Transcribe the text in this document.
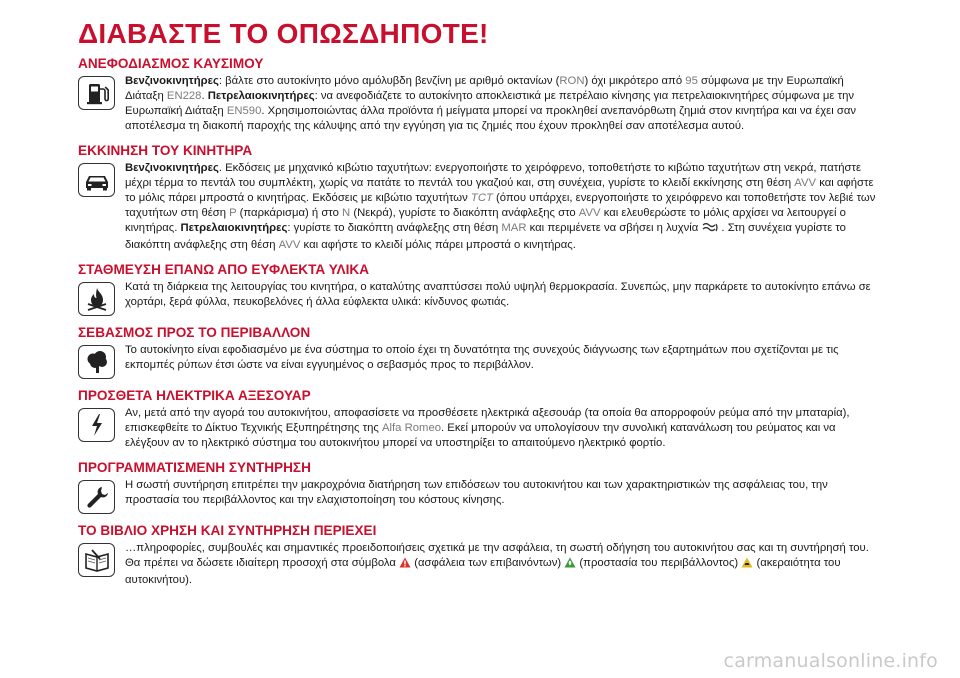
ΔΙΑΒΑΣΤΕ ΤΟ ΟΠΩΣΔΗΠΟΤΕ!
ΑΝΕΦΟΔΙΑΣΜΟΣ ΚΑΥΣΙΜΟΥ
Βενζινοκινητήρες: βάλτε στο αυτοκίνητο μόνο αμόλυβδη βενζίνη με αριθμό οκτανίων (RON) όχι μικρότερο από 95 σύμφωνα με την Ευρωπαϊκή Διάταξη EN228. Πετρελαιοκινητήρες: να ανεφοδιάζετε το αυτοκίνητο αποκλειστικά με πετρέλαιο κίνησης για πετρελαιοκινητήρες σύμφωνα με την Ευρωπαϊκή Διάταξη EN590. Χρησιμοποιώντας άλλα προϊόντα ή μείγματα μπορεί να προκληθεί ανεπανόρθωτη ζημιά στον κινητήρα και να έχει σαν αποτέλεσμα τη διακοπή παροχής της κάλυψης από την εγγύηση για τις ζημιές που έχουν προκληθεί σαν αποτέλεσμα αυτού.
ΕΚΚΙΝΗΣΗ ΤΟΥ ΚΙΝΗΤΗΡΑ
Βενζινοκινητήρες. Εκδόσεις με μηχανικό κιβώτιο ταχυτήτων: ενεργοποιήστε το χειρόφρενο, τοποθετήστε το κιβώτιο ταχυτήτων στη νεκρά, πατήστε μέχρι τέρμα το πεντάλ του συμπλέκτη, χωρίς να πατάτε το πεντάλ του γκαζιού και, στη συνέχεια, γυρίστε το κλειδί εκκίνησης στη θέση AVV και αφήστε το μόλις πάρει μπροστά ο κινητήρας. Εκδόσεις με κιβώτιο ταχυτήτων TCT (όπου υπάρχει, ενεργοποιήστε το χειρόφρενο και τοποθετήστε τον λεβιέ των ταχυτήτων στη θέση P (παρκάρισμα) ή στο N (Νεκρά), γυρίστε το διακόπτη ανάφλεξης στο AVV και ελευθερώστε το μόλις αρχίσει να λειτουργεί ο κινητήρας. Πετρελαιοκινητήρες: γυρίστε το διακόπτη ανάφλεξης στη θέση MAR και περιμένετε να σβήσει η λυχνία . Στη συνέχεια γυρίστε το διακόπτη ανάφλεξης στη θέση AVV και αφήστε το κλειδί μόλις πάρει μπροστά ο κινητήρας.
ΣΤΑΘΜΕΥΣΗ ΕΠΑΝΩ ΑΠΟ ΕΥΦΛΕΚΤΑ ΥΛΙΚΑ
Κατά τη διάρκεια της λειτουργίας του κινητήρα, ο καταλύτης αναπτύσσει πολύ υψηλή θερμοκρασία. Συνεπώς, μην παρκάρετε το αυτοκίνητο επάνω σε χορτάρι, ξερά φύλλα, πευκοβελόνες ή άλλα εύφλεκτα υλικά: κίνδυνος φωτιάς.
ΣΕΒΑΣΜΟΣ ΠΡΟΣ ΤΟ ΠΕΡΙΒΑΛΛΟΝ
Το αυτοκίνητο είναι εφοδιασμένο με ένα σύστημα το οποίο έχει τη δυνατότητα της συνεχούς διάγνωσης των εξαρτημάτων που σχετίζονται με τις εκπομπές ρύπων έτσι ώστε να είναι εγγυημένος ο σεβασμός προς το περιβάλλον.
ΠΡΟΣΘΕΤΑ ΗΛΕΚΤΡΙΚΑ ΑΞΕΣΟΥΑΡ
Αν, μετά από την αγορά του αυτοκινήτου, αποφασίσετε να προσθέσετε ηλεκτρικά αξεσουάρ (τα οποία θα απορροφούν ρεύμα από την μπαταρία), επισκεφθείτε το Δίκτυο Τεχνικής Εξυπηρέτησης της Alfa Romeo. Εκεί μπορούν να υπολογίσουν την συνολική κατανάλωση του ρεύματος και να ελέγξουν αν το ηλεκτρικό σύστημα του αυτοκινήτου μπορεί να υποστηρίξει το απαιτούμενο ηλεκτρικό φορτίο.
ΠΡΟΓΡΑΜΜΑΤΙΣΜΕΝΗ ΣΥΝΤΗΡΗΣΗ
Η σωστή συντήρηση επιτρέπει την μακροχρόνια διατήρηση των επιδόσεων του αυτοκινήτου και των χαρακτηριστικών της ασφάλειας του, την προστασία του περιβάλλοντος και την ελαχιστοποίηση του κόστους κίνησης.
ΤΟ ΒΙΒΛΙΟ ΧΡΗΣΗ ΚΑΙ ΣΥΝΤΗΡΗΣΗ ΠΕΡΙΕΧΕΙ
…πληροφορίες, συμβουλές και σημαντικές προειδοποιήσεις σχετικά με την ασφάλεια, τη σωστή οδήγηση του αυτοκινήτου σας και τη συντήρησή του. Θα πρέπει να δώσετε ιδιαίτερη προσοχή στα σύμβολα  (ασφάλεια των επιβαινόντων)  (προστασία του περιβάλλοντος)  (ακεραιότητα του αυτοκινήτου).
carmanualsonline.info
